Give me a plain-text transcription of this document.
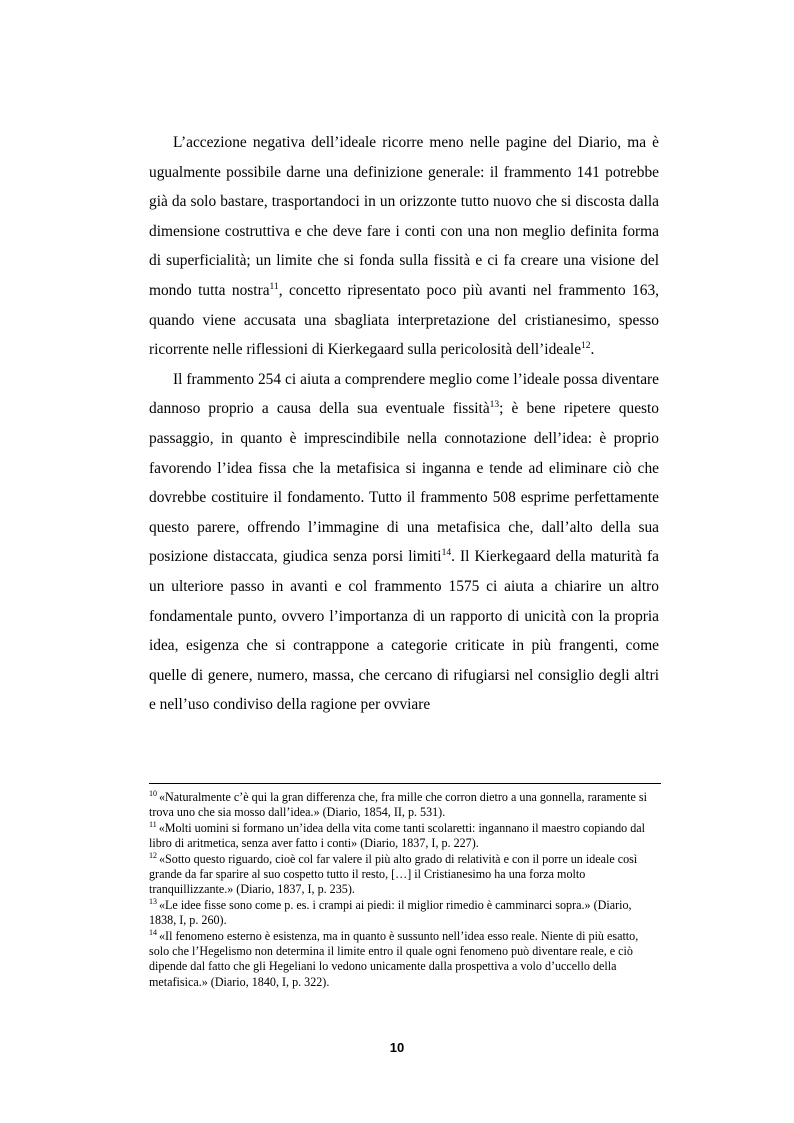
L’accezione negativa dell’ideale ricorre meno nelle pagine del Diario, ma è ugualmente possibile darne una definizione generale: il frammento 141 potrebbe già da solo bastare, trasportandoci in un orizzonte tutto nuovo che si discosta dalla dimensione costruttiva e che deve fare i conti con una non meglio definita forma di superficialità; un limite che si fonda sulla fissità e ci fa creare una visione del mondo tutta nostra$^{11}$, concetto ripresentato poco più avanti nel frammento 163, quando viene accusata una sbagliata interpretazione del cristianesimo, spesso ricorrente nelle riflessioni di Kierkegaard sulla pericolosità dell’ideale$^{12}$.

Il frammento 254 ci aiuta a comprendere meglio come l’ideale possa diventare dannoso proprio a causa della sua eventuale fissità$^{13}$; è bene ripetere questo passaggio, in quanto è imprescindibile nella connotazione dell’idea: è proprio favorendo l’idea fissa che la metafisica si inganna e tende ad eliminare ciò che dovrebbe costituire il fondamento. Tutto il frammento 508 esprime perfettamente questo parere, offrendo l’immagine di una metafisica che, dall’alto della sua posizione distaccata, giudica senza porsi limiti$^{14}$. Il Kierkegaard della maturità fa un ulteriore passo in avanti e col frammento 1575 ci aiuta a chiarire un altro fondamentale punto, ovvero l’importanza di un rapporto di unicità con la propria idea, esigenza che si contrappone a categorie criticate in più frangenti, come quelle di genere, numero, massa, che cercano di rifugiarsi nel consiglio degli altri e nell’uso condiviso della ragione per ovviare

$^{10}$ «Naturalmente c’è qui la gran differenza che, fra mille che corron dietro a una gonnella, raramente si trova uno che sia mosso dall’idea.» (Diario, 1854, II, p. 531).

$^{11}$ «Molti uomini si formano un’idea della vita come tanti scolaretti: ingannano il maestro copiando dal libro di aritmetica, senza aver fatto i conti» (Diario, 1837, I, p. 227).

$^{12}$ «Sotto questo riguardo, cioè col far valere il più alto grado di relatività e con il porre un ideale così grande da far sparire al suo cospetto tutto il resto, […] il Cristianesimo ha una forza molto tranquillizzante.» (Diario, 1837, I, p. 235).

$^{13}$ «Le idee fisse sono come p. es. i crampi ai piedi: il miglior rimedio è camminarci sopra.» (Diario, 1838, I, p. 260).

$^{14}$ «Il fenomeno esterno è esistenza, ma in quanto è sussunto nell’idea esso reale. Niente di più esatto, solo che l’Hegelismo non determina il limite entro il quale ogni fenomeno può diventare reale, e ciò dipende dal fatto che gli Hegeliani lo vedono unicamente dalla prospettiva a volo d’uccello della metafisica.» (Diario, 1840, I, p. 322).

10
